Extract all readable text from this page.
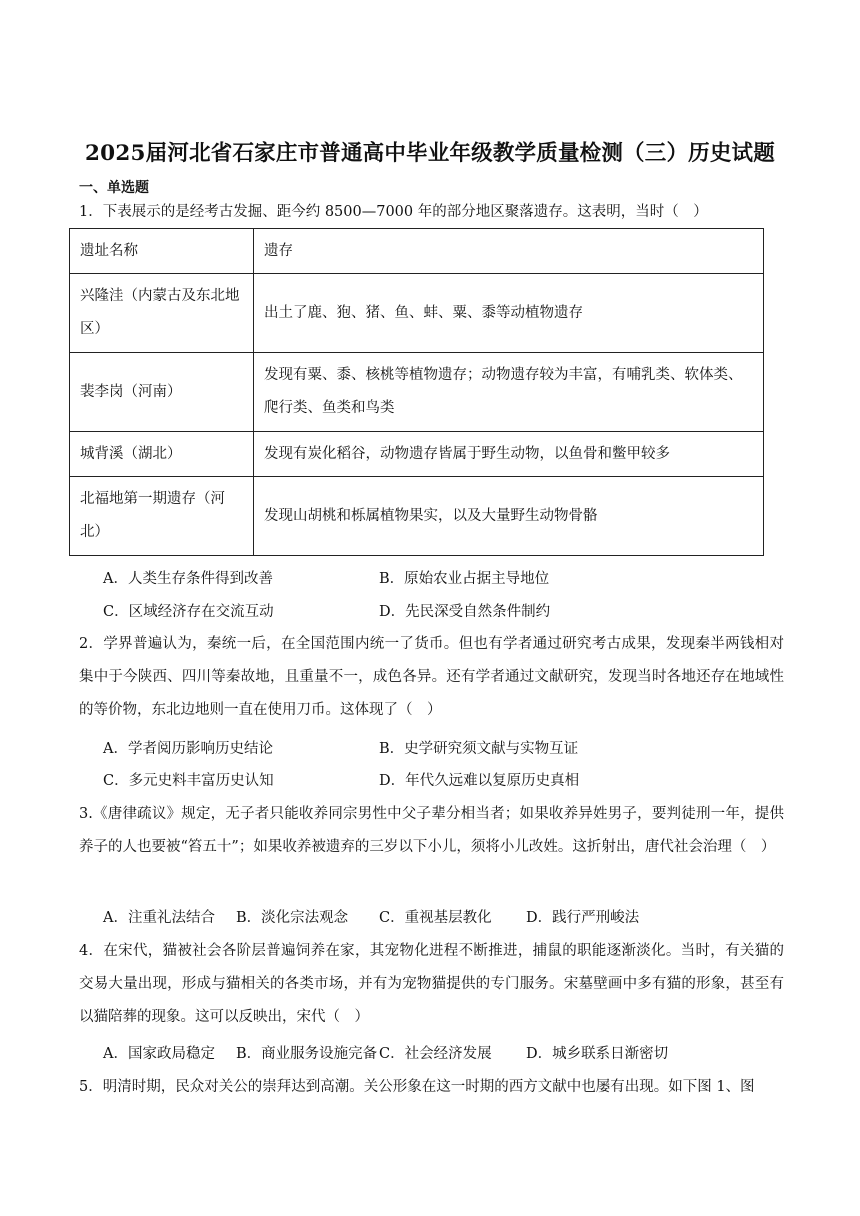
2025届河北省石家庄市普通高中毕业年级教学质量检测（三）历史试题
一、单选题
1．下表展示的是经考古发掘、距今约 8500—7000 年的部分地区聚落遗存。这表明，当时（　）
遗址名称	遗存
兴隆洼（内蒙古及东北地区）	出土了鹿、狍、猪、鱼、蚌、粟、黍等动植物遗存
裴李岗（河南）	发现有粟、黍、核桃等植物遗存；动物遗存较为丰富，有哺乳类、软体类、爬行类、鱼类和鸟类
城背溪（湖北）	发现有炭化稻谷，动物遗存皆属于野生动物，以鱼骨和鳖甲较多
北福地第一期遗存（河北）	发现山胡桃和栎属植物果实，以及大量野生动物骨骼
A．人类生存条件得到改善	B．原始农业占据主导地位
C．区域经济存在交流互动	D．先民深受自然条件制约
2．学界普遍认为，秦统一后，在全国范围内统一了货币。但也有学者通过研究考古成果，发现秦半两钱相对集中于今陕西、四川等秦故地，且重量不一，成色各异。还有学者通过文献研究，发现当时各地还存在地域性的等价物，东北边地则一直在使用刀币。这体现了（　）
A．学者阅历影响历史结论	B．史学研究须文献与实物互证
C．多元史料丰富历史认知	D．年代久远难以复原历史真相
3.《唐律疏议》规定，无子者只能收养同宗男性中父子辈分相当者；如果收养异姓男子，要判徒刑一年，提供养子的人也要被“笞五十”；如果收养被遗弃的三岁以下小儿，须将小儿改姓。这折射出，唐代社会治理（　）
A．注重礼法结合 B．淡化宗法观念 C．重视基层教化 D．践行严刑峻法
4．在宋代，猫被社会各阶层普遍饲养在家，其宠物化进程不断推进，捕鼠的职能逐渐淡化。当时，有关猫的交易大量出现，形成与猫相关的各类市场，并有为宠物猫提供的专门服务。宋墓壁画中多有猫的形象，甚至有以猫陪葬的现象。这可以反映出，宋代（　）
A．国家政局稳定 B．商业服务设施完备 C．社会经济发展 D．城乡联系日渐密切
5．明清时期，民众对关公的崇拜达到高潮。关公形象在这一时期的西方文献中也屡有出现。如下图 1、图
